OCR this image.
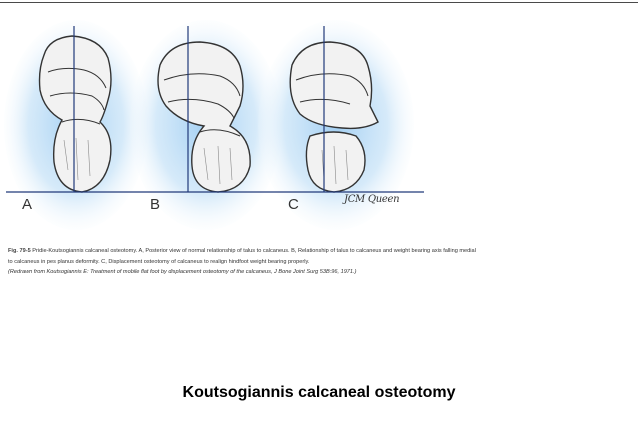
A	B	C	JCM Queen
Fig. 79-5 Pridie-Koutsogiannis calcaneal osteotomy. A, Posterior view of normal relationship of talus to calcaneus. B, Relationship of talus to calcaneus and weight bearing axis falling medial
to calcaneus in pes planus deformity. C, Displacement osteotomy of calcaneus to realign hindfoot weight bearing properly.
(Redrawn from Koutsogiannis E: Treatment of mobile flat foot by displacement osteotomy of the calcaneus, J Bone Joint Surg 53B:96, 1971.)
Koutsogiannis calcaneal osteotomy
